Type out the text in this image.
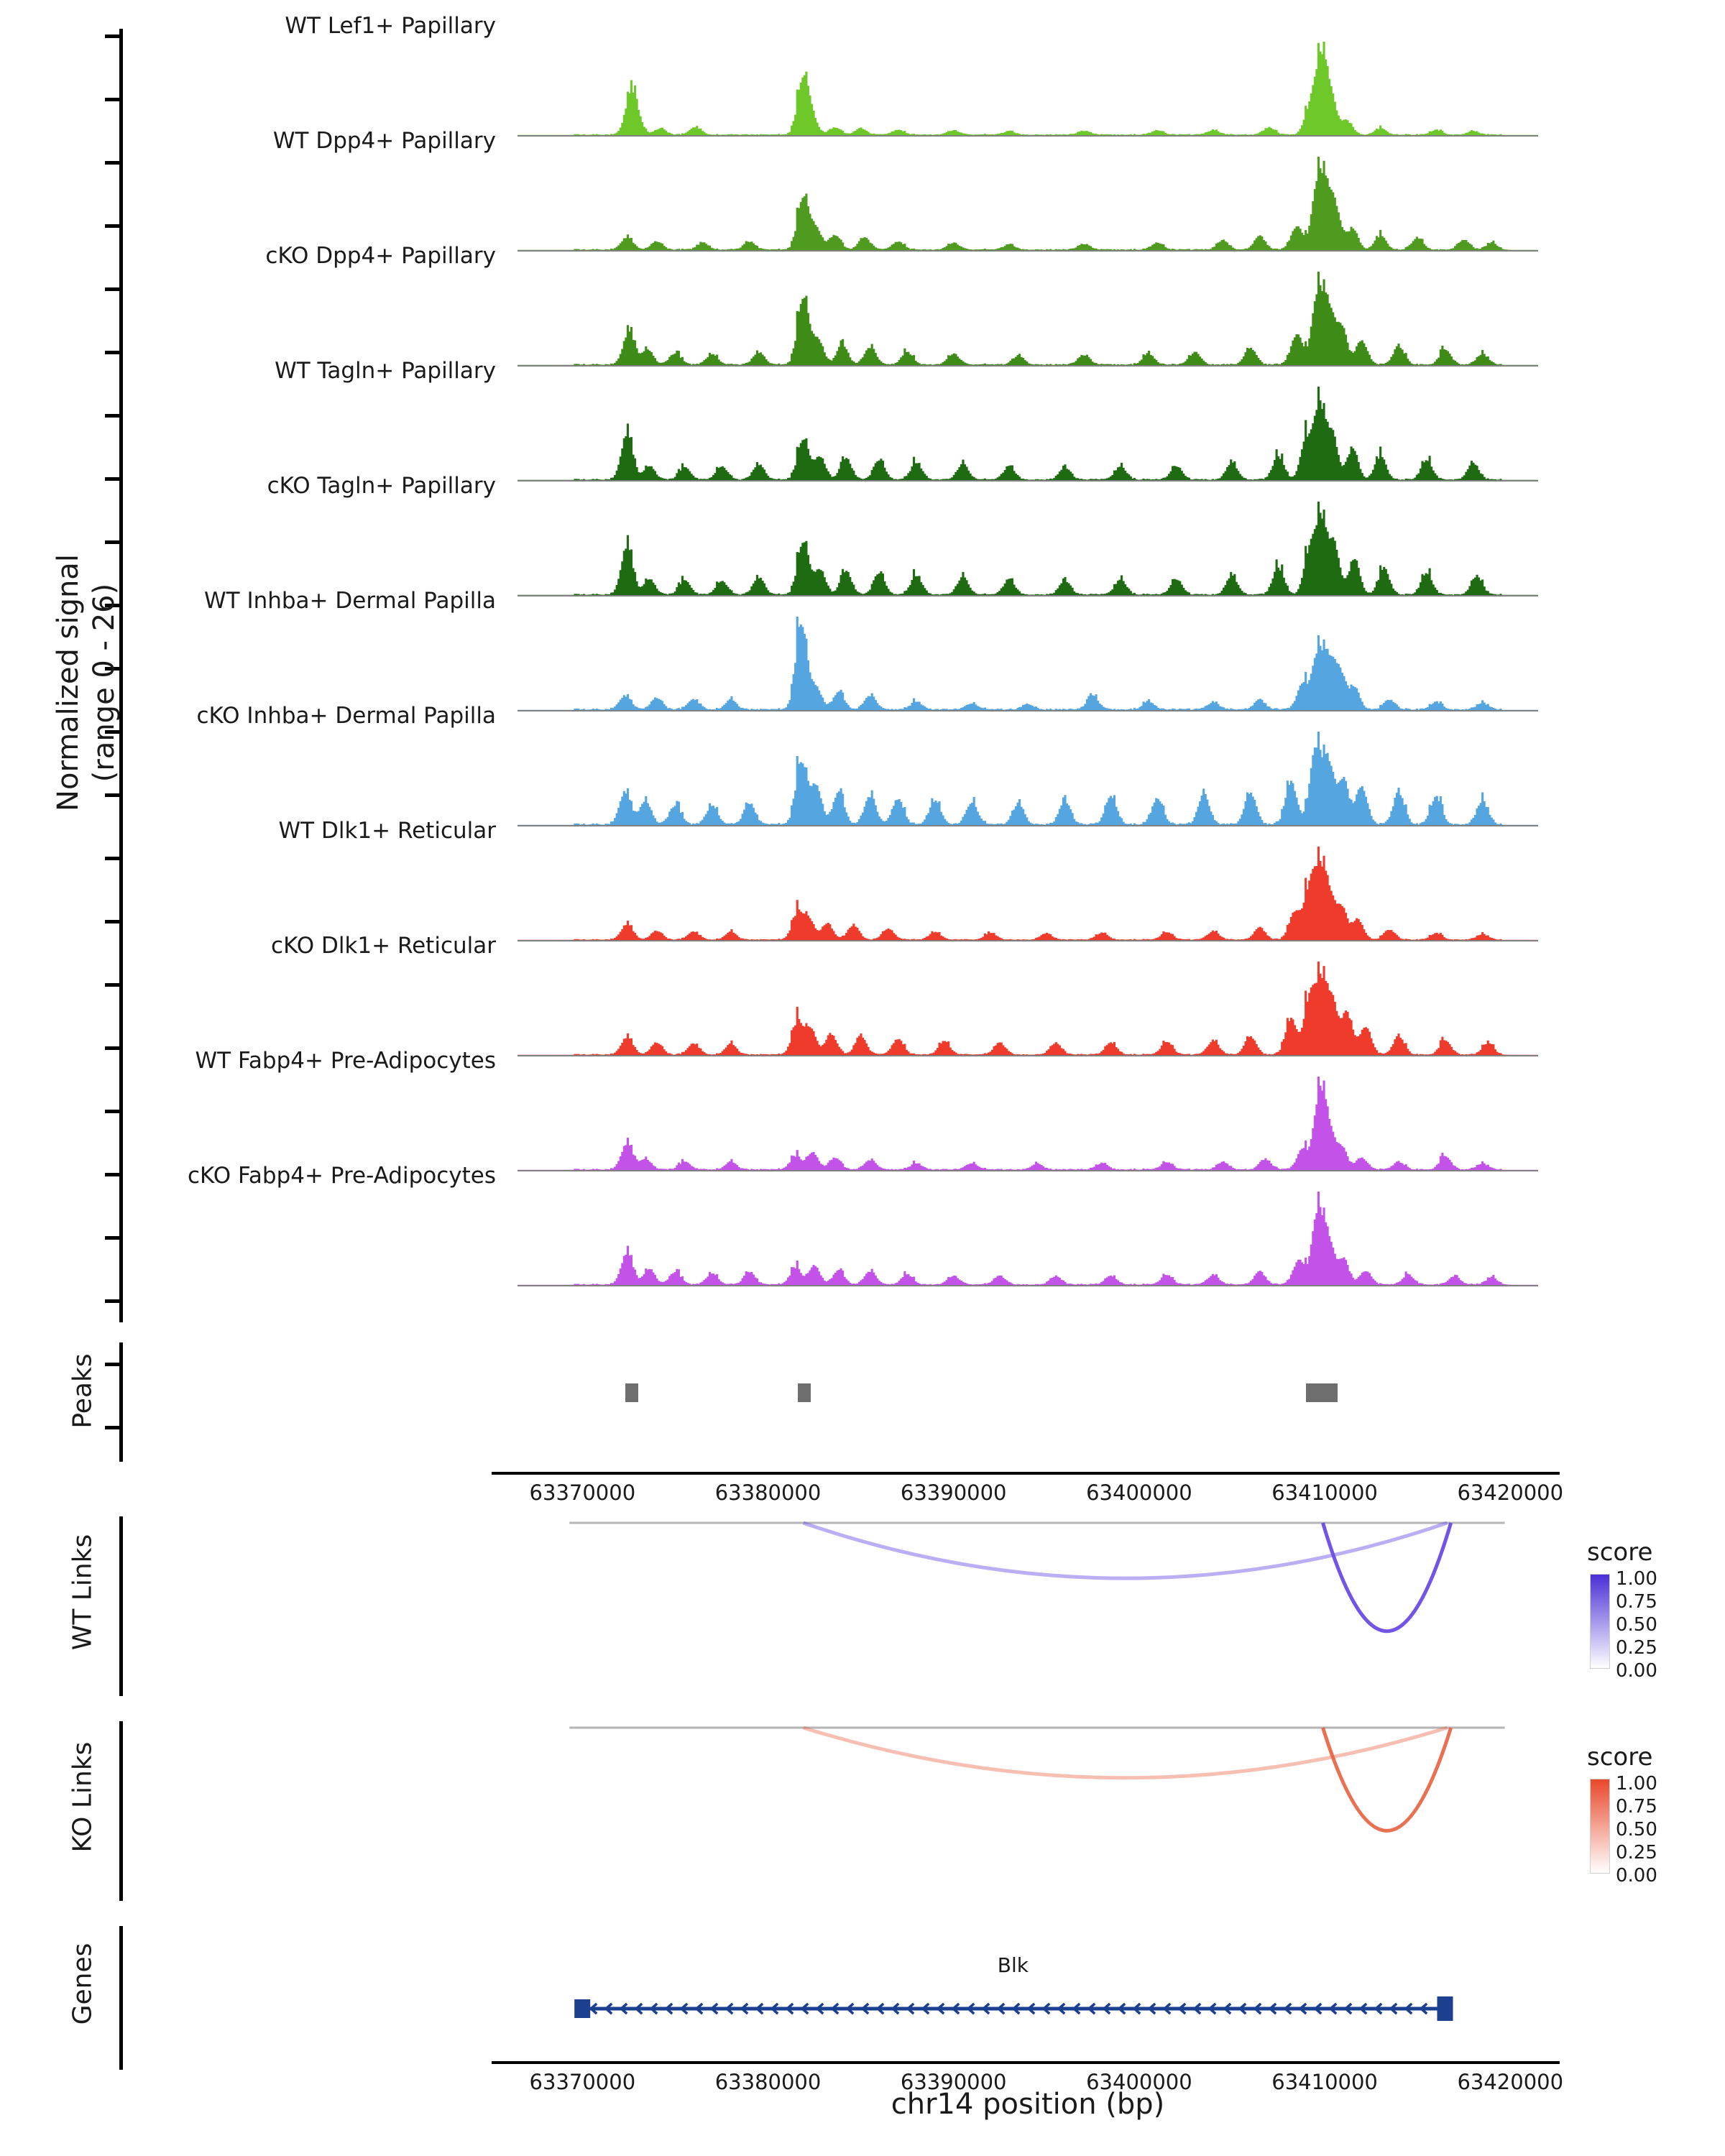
Normalized signal (range 0 - 26)
WT Lef1+ Papillary
WT Dpp4+ Papillary
cKO Dpp4+ Papillary
WT Tagln+ Papillary
cKO Tagln+ Papillary
WT Inhba+ Dermal Papilla
cKO Inhba+ Dermal Papilla
WT Dlk1+ Reticular
cKO Dlk1+ Reticular
WT Fabp4+ Pre-Adipocytes
cKO Fabp4+ Pre-Adipocytes
Peaks
63370000	63380000	63390000	63400000	63410000	63420000
WT Links	score
1.00
0.75
0.50
0.25
0.00
KO Links	score
1.00
0.75
0.50
0.25
0.00
Genes	Blk
63370000	63380000	63390000	63400000	63410000	63420000
chr14 position (bp)
